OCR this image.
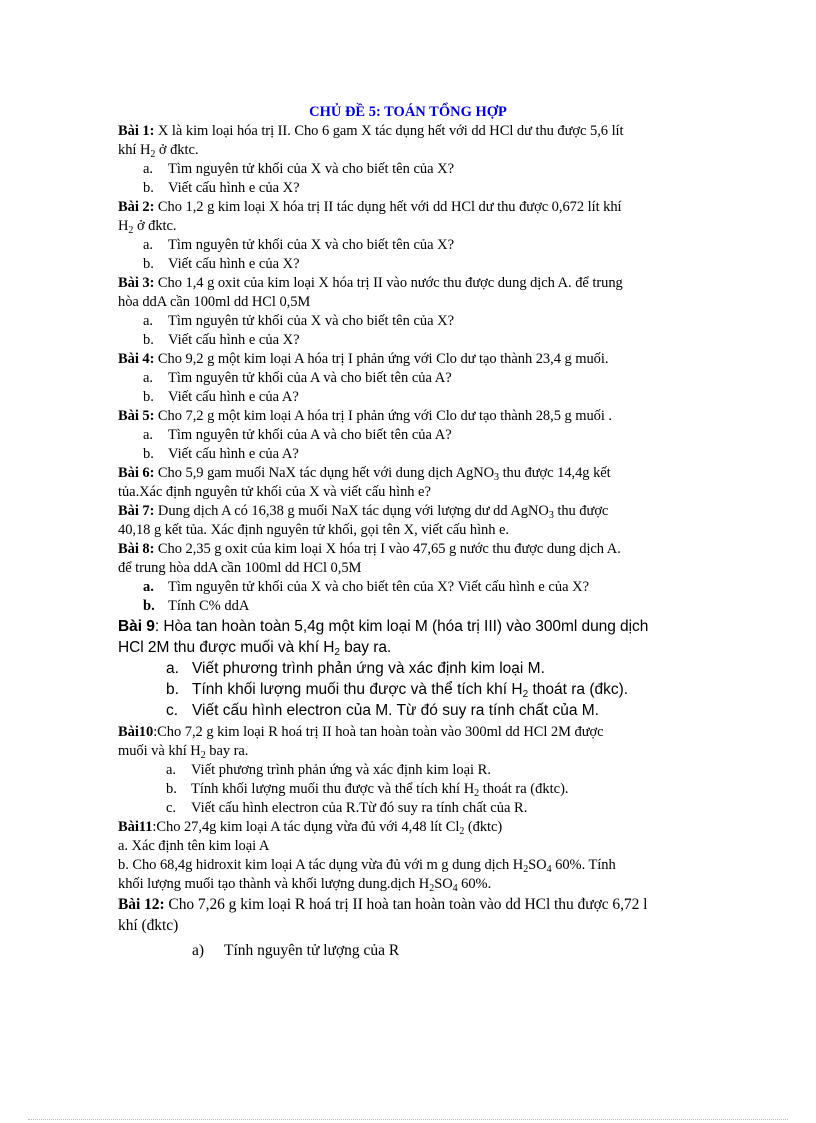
CHỦ ĐỀ 5: TOÁN TỔNG HỢP
Bài 1: X là kim loại hóa trị II. Cho 6 gam X tác dụng hết với dd HCl dư thu được 5,6 lít
khí $H_2$ ở đktc.
a.	Tìm nguyên tử khối của X và cho biết tên của X?
b. Viết cấu hình e của X?
Bài 2: Cho 1,2 g kim loại X hóa trị II tác dụng hết với dd HCl dư thu được 0,672 lít khí
$H_2$ ở đktc.
a.	Tìm nguyên tử khối của X và cho biết tên của X?
b. Viết cấu hình e của X?
Bài 3: Cho 1,4 g oxit của kim loại X hóa trị II vào nước thu được dung dịch A. để trung
hòa ddA cần 100ml dd HCl 0,5M
a.	Tìm nguyên tử khối của X và cho biết tên của X?
b. Viết cấu hình e của X?
Bài 4: Cho 9,2 g một kim loại A hóa trị I phản ứng với Clo dư tạo thành 23,4 g muối.
a.	Tìm nguyên tử khối của A và cho biết tên của A?
b. Viết cấu hình e của A?
Bài 5: Cho 7,2 g một kim loại A hóa trị I phản ứng với Clo dư tạo thành 28,5 g muối .
a.	Tìm nguyên tử khối của A và cho biết tên của A?
b. Viết cấu hình e của A?
Bài 6: Cho 5,9 gam muối NaX tác dụng hết với dung dịch AgNO$_3$ thu được 14,4g kết
tủa.Xác định nguyên tử khối của X và viết cấu hình e?
Bài 7: Dung dịch A có 16,38 g muối NaX tác dụng với lượng dư dd AgNO$_3$ thu được
40,18 g kết tủa. Xác định nguyên tử khối, gọi tên X, viết cấu hình e.
Bài 8: Cho 2,35 g oxit của kim loại X hóa trị I vào 47,65 g nước thu được dung dịch A.
để trung hòa ddA cần 100ml dd HCl 0,5M
a. Tìm nguyên tử khối của X và cho biết tên của X? Viết cấu hình e của X?
b. Tính C% ddA
Bài 9: Hòa tan hoàn toàn 5,4g một kim loại M (hóa trị III) vào 300ml dung dịch
HCl 2M thu được muối và khí $H_2$ bay ra.
a. Viết phương trình phản ứng và xác định kim loại M.
b. Tính khối lượng muối thu được và thể tích khí $H_2$ thoát ra (đkc).
c. Viết cấu hình electron của M. Từ đó suy ra tính chất của M.
Bài10:Cho 7,2 g kim loại R hoá trị II hoà tan hoàn toàn vào 300ml dd HCl 2M được
muối và khí $H_2$ bay ra.
a.	Viết phương trình phản ứng và xác định kim loại R.
b. Tính khối lượng muối thu được và thể tích khí $H_2$ thoát ra (đktc).
c.	Viết cấu hình electron của R.Từ đó suy ra tính chất của R.
Bài11:Cho 27,4g kim loại A tác dụng vừa đủ với 4,48 lít $Cl_2$ (đktc)
a. Xác định tên kim loại A
b. Cho 68,4g hidroxit kim loại A tác dụng vừa đủ với m g dung dịch $H_2SO_4$ 60%. Tính
khối lượng muối tạo thành và khối lượng dung.dịch $H_2SO_4$ 60%.
Bài 12: Cho 7,26 g kim loại R hoá trị II hoà tan hoàn toàn vào dd HCl thu được 6,72 l
khí (đktc)
a)	Tính nguyên tử lượng của R
